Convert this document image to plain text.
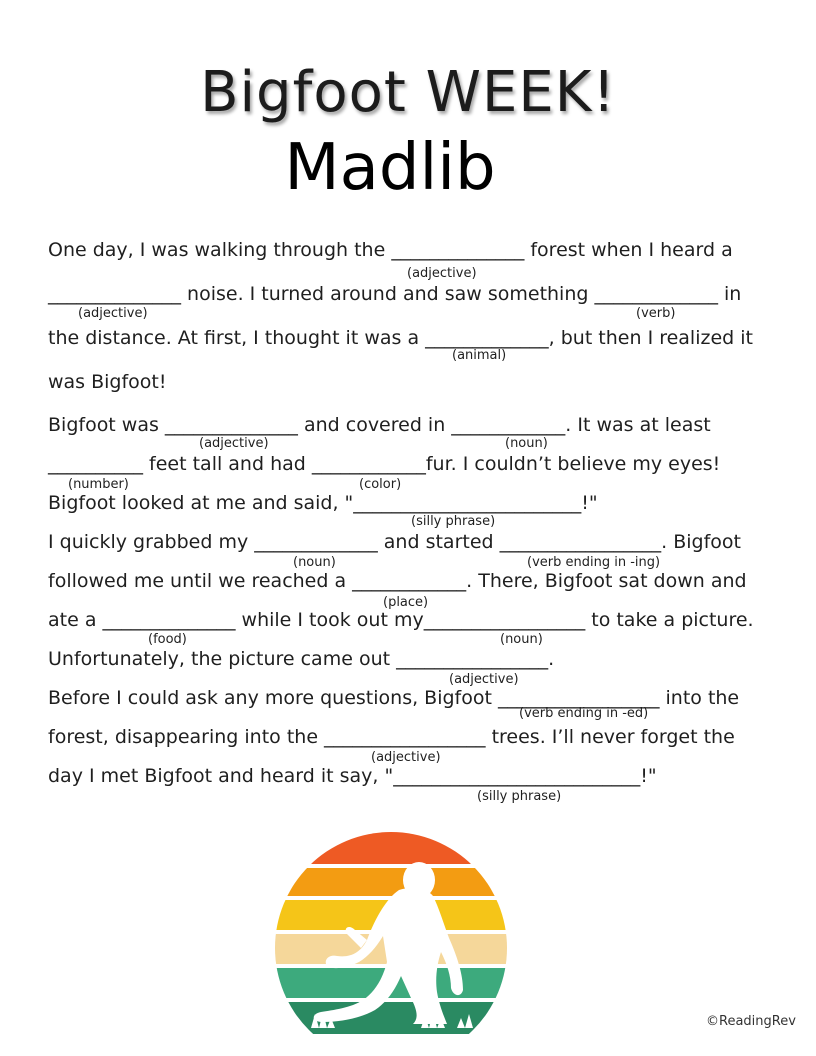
Bigfoot WEEK!
Madlib
One day, I was walking through the ______________ forest when I heard a
______________ noise. I turned around and saw something _____________ in
the distance. At first, I thought it was a _____________, but then I realized it
was Bigfoot!
Bigfoot was ______________ and covered in ____________. It was at least
__________ feet tall and had ____________fur. I couldn’t believe my eyes!
Bigfoot looked at me and said, "________________________!"
I quickly grabbed my _____________ and started _________________. Bigfoot
followed me until we reached a ____________. There, Bigfoot sat down and
ate a ______________ while I took out my_________________ to take a picture.
Unfortunately, the picture came out ________________.
Before I could ask any more questions, Bigfoot _________________ into the
forest, disappearing into the _________________ trees. I’ll never forget the
day I met Bigfoot and heard it say, "__________________________!"
(adjective)
(adjective)	(verb)
(animal)
(adjective)	(noun)
(number)	(color)
(silly phrase)
(noun)	(verb ending in -ing)
(place)
(food)	(noun)
(adjective)
(verb ending in -ed)
(adjective)
(silly phrase)
©ReadingRev
